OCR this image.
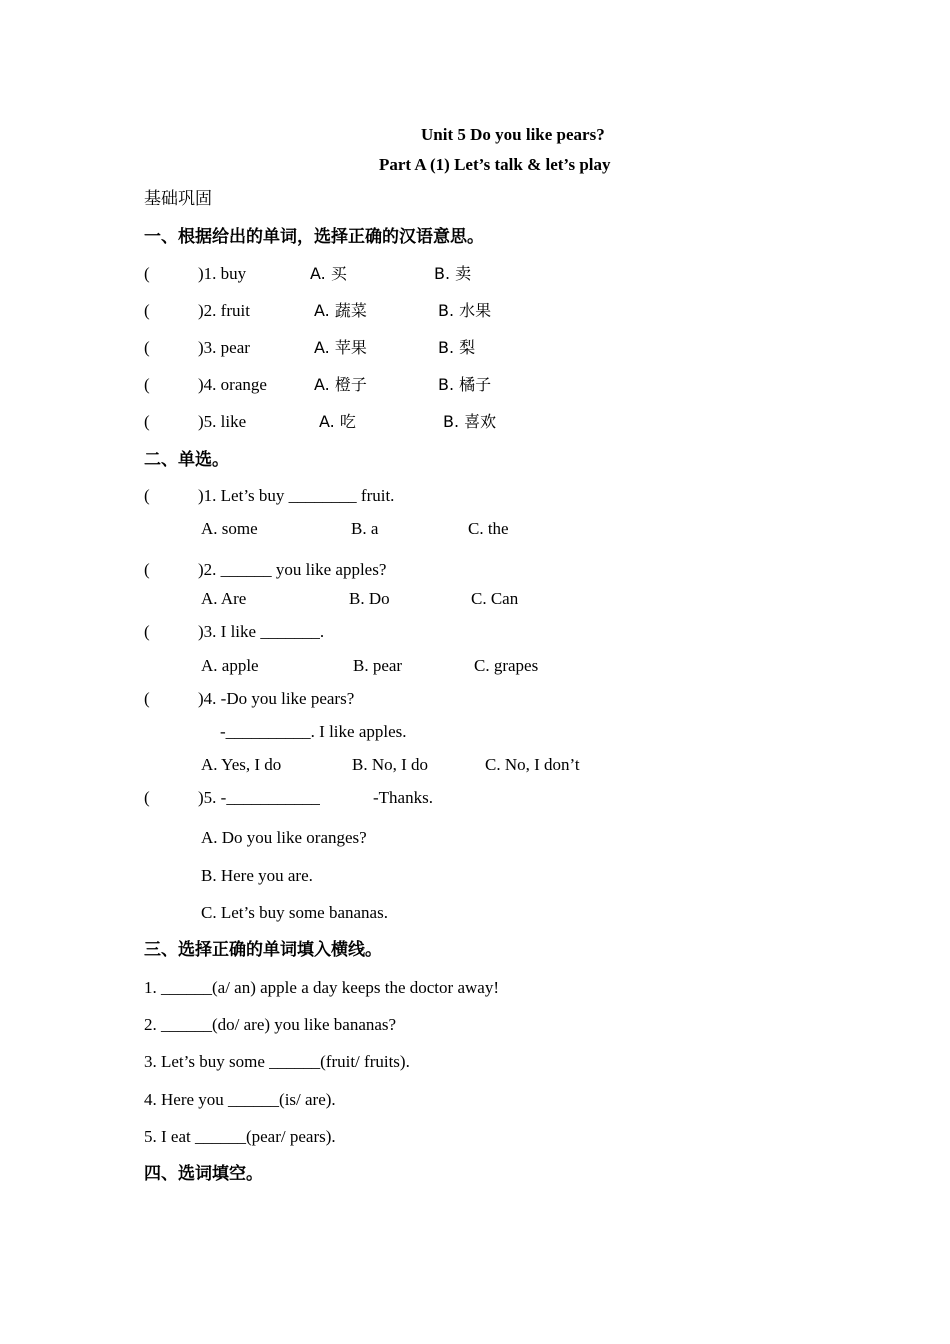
Unit 5 Do you like pears?
Part A (1) Let’s talk & let’s play
基础巩固
一、根据给出的单词，选择正确的汉语意思。
(	)1. buy	A. 买	B. 卖
(	)2. fruit	A. 蔬菜	B. 水果
(	)3. pear	A. 苹果	B. 梨
(	)4. orange	A. 橙子	B. 橘子
(	)5. like	A. 吃	B. 喜欢
二、单选。
(	)1. Let’s buy ________ fruit.
A. some	B. a	C. the
(	)2. ______ you like apples?
A. Are	B. Do	C. Can
(	)3. I like _______.
A. apple	B. pear	C. grapes
(	)4. -Do you like pears?
-__________. I like apples.
A. Yes, I do	B. No, I do	C. No, I don’t
(	)5. -___________	-Thanks.
A. Do you like oranges?
B. Here you are.
C. Let’s buy some bananas.
三、选择正确的单词填入横线。
1. ______(a/ an) apple a day keeps the doctor away!
2. ______(do/ are) you like bananas?
3. Let’s buy some ______(fruit/ fruits).
4. Here you ______(is/ are).
5. I eat ______(pear/ pears).
四、选词填空。
